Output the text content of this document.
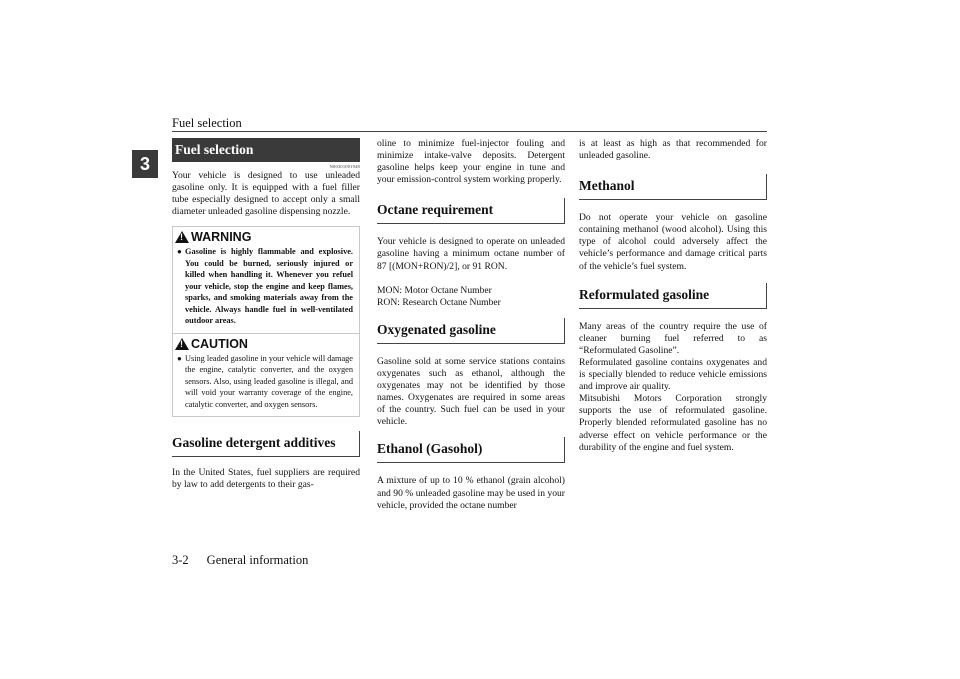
Fuel selection
3
Fuel selection
N00301001948

Your vehicle is designed to use unleaded gasoline only. It is equipped with a fuel filler tube especially designed to accept only a small diameter unleaded gasoline dispensing nozzle.

!
WARNING
● Gasoline is highly flammable and explosive. You could be burned, seriously injured or killed when handling it. Whenever you refuel your vehicle, stop the engine and keep flames, sparks, and smoking materials away from the vehicle. Always handle fuel in well-ventilated outdoor areas.
!
CAUTION
● Using leaded gasoline in your vehicle will damage the engine, catalytic converter, and the oxygen sensors. Also, using leaded gasoline is illegal, and will void your warranty coverage of the engine, catalytic converter, and oxygen sensors.
Gasoline detergent additives

In the United States, fuel suppliers are required by law to add detergents to their gas-

oline to minimize fuel-injector fouling and minimize intake-valve deposits. Detergent gasoline helps keep your engine in tune and your emission-control system working properly.

Octane requirement

Your vehicle is designed to operate on unleaded gasoline having a minimum octane number of 87 [(MON+RON)/2], or 91 RON.

MON: Motor Octane Number

RON: Research Octane Number

Oxygenated gasoline

Gasoline sold at some service stations contains oxygenates such as ethanol, although the oxygenates may not be identified by those names. Oxygenates are required in some areas of the country. Such fuel can be used in your vehicle.

Ethanol (Gasohol)

A mixture of up to 10 % ethanol (grain alcohol) and 90 % unleaded gasoline may be used in your vehicle, provided the octane number

is at least as high as that recommended for unleaded gasoline.

Methanol

Do not operate your vehicle on gasoline containing methanol (wood alcohol). Using this type of alcohol could adversely affect the vehicle’s performance and damage critical parts of the vehicle’s fuel system.

Reformulated gasoline

Many areas of the country require the use of cleaner burning fuel referred to as “Reformulated Gasoline”.

Reformulated gasoline contains oxygenates and is specially blended to reduce vehicle emissions and improve air quality.

Mitsubishi Motors Corporation strongly supports the use of reformulated gasoline. Properly blended reformulated gasoline has no adverse effect on vehicle performance or the durability of the engine and fuel system.

3-2 General information
